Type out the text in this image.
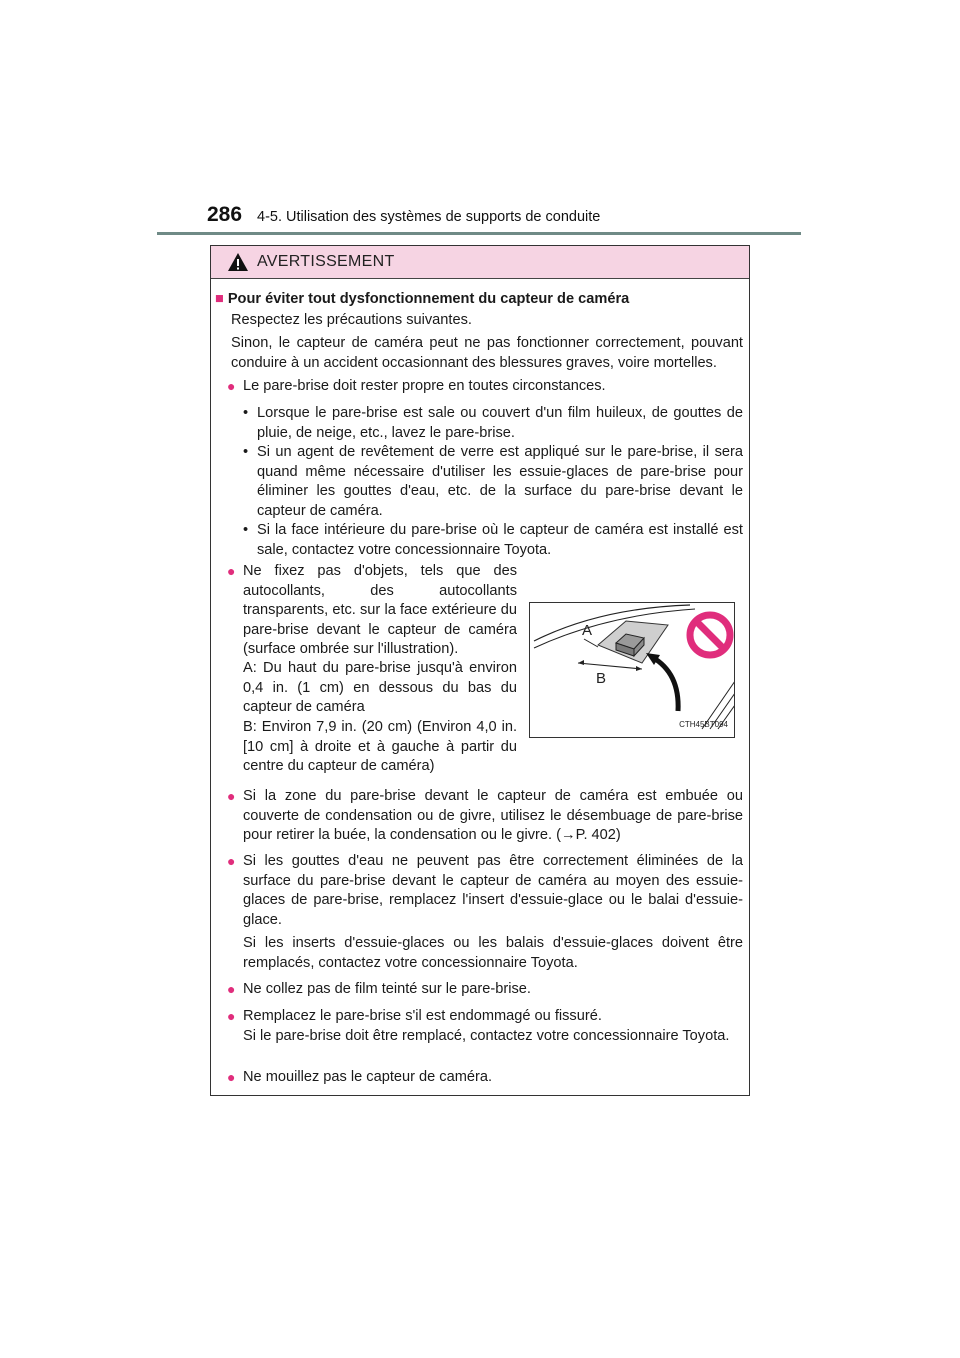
286 4-5. Utilisation des systèmes de supports de conduite
AVERTISSEMENT
■ Pour éviter tout dysfonctionnement du capteur de caméra
Respectez les précautions suivantes.
Sinon, le capteur de caméra peut ne pas fonctionner correctement, pouvant conduire à un accident occasionnant des blessures graves, voire mortelles.
● Le pare-brise doit rester propre en toutes circonstances.
• Lorsque le pare-brise est sale ou couvert d'un film huileux, de gouttes de pluie, de neige, etc., lavez le pare-brise.
• Si un agent de revêtement de verre est appliqué sur le pare-brise, il sera quand même nécessaire d'utiliser les essuie-glaces de pare-brise pour éliminer les gouttes d'eau, etc. de la surface du pare-brise devant le capteur de caméra.
• Si la face intérieure du pare-brise où le capteur de caméra est installé est sale, contactez votre concessionnaire Toyota.
● Ne fixez pas d'objets, tels que des autocollants, des autocollants transparents, etc. sur la face extérieure du pare-brise devant le capteur de caméra (surface ombrée sur l'illustration).
A: Du haut du pare-brise jusqu'à environ 0,4 in. (1 cm) en dessous du bas du capteur de caméra
B: Environ 7,9 in. (20 cm) (Environ 4,0 in. [10 cm] à droite et à gauche à partir du centre du capteur de caméra)
● Si la zone du pare-brise devant le capteur de caméra est embuée ou couverte de condensation ou de givre, utilisez le désembuage de pare-brise pour retirer la buée, la condensation ou le givre. (→P. 402)
● Si les gouttes d'eau ne peuvent pas être correctement éliminées de la surface du pare-brise devant le capteur de caméra au moyen des essuie-glaces de pare-brise, remplacez l'insert d'essuie-glace ou le balai d'essuie-glace.
Si les inserts d'essuie-glaces ou les balais d'essuie-glaces doivent être remplacés, contactez votre concessionnaire Toyota.
● Ne collez pas de film teinté sur le pare-brise.
● Remplacez le pare-brise s'il est endommagé ou fissuré.
Si le pare-brise doit être remplacé, contactez votre concessionnaire Toyota.
● Ne mouillez pas le capteur de caméra.
A
B
CTH45BT094
